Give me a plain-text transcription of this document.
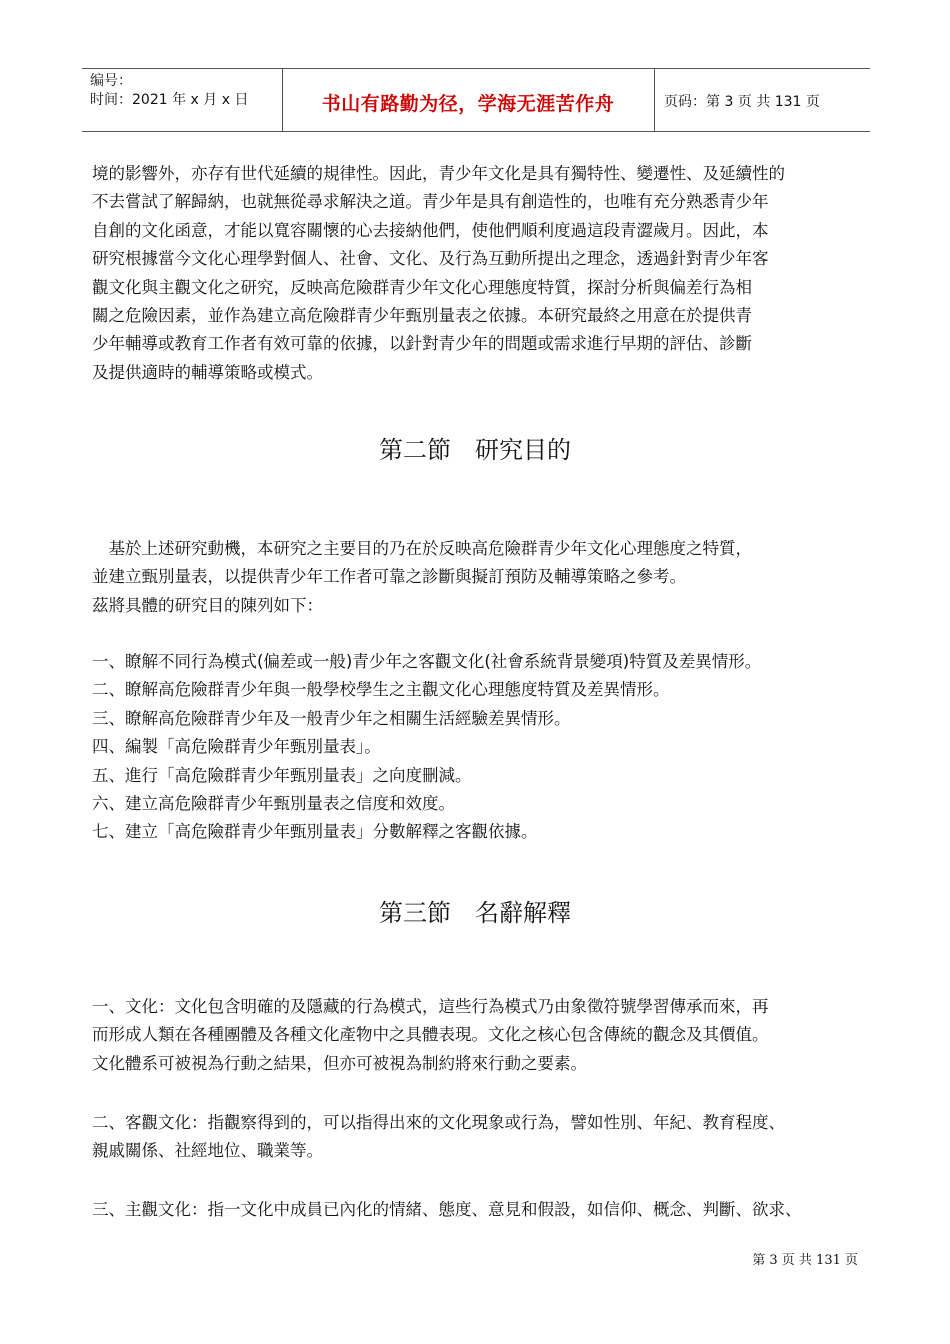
编号：
时间：2021 年 x 月 x 日	书山有路勤为径，学海无涯苦作舟	页码：第 3 页 共 131 页
境的影響外，亦存有世代延續的規律性。因此，青少年文化是具有獨特性、變遷性、及延續性的
不去嘗試了解歸納，也就無從尋求解決之道。青少年是具有創造性的，也唯有充分熟悉青少年
自創的文化函意，才能以寬容關懷的心去接納他們，使他們順利度過這段青澀歲月。因此，本
研究根據當今文化心理學對個人、社會、文化、及行為互動所提出之理念，透過針對青少年客
觀文化與主觀文化之研究，反映高危險群青少年文化心理態度特質，探討分析與偏差行為相
關之危險因素，並作為建立高危險群青少年甄別量表之依據。本研究最終之用意在於提供青
少年輔導或教育工作者有效可靠的依據，以針對青少年的問題或需求進行早期的評估、診斷
及提供適時的輔導策略或模式。
第二節　研究目的
　基於上述研究動機，本研究之主要目的乃在於反映高危險群青少年文化心理態度之特質，
並建立甄別量表，以提供青少年工作者可靠之診斷與擬訂預防及輔導策略之參考。
茲將具體的研究目的陳列如下：
一、瞭解不同行為模式(偏差或一般)青少年之客觀文化(社會系統背景變項)特質及差異情形。
二、瞭解高危險群青少年與一般學校學生之主觀文化心理態度特質及差異情形。
三、瞭解高危險群青少年及一般青少年之相關生活經驗差異情形。
四、編製「高危險群青少年甄別量表」。
五、進行「高危險群青少年甄別量表」之向度刪減。
六、建立高危險群青少年甄別量表之信度和效度。
七、建立「高危險群青少年甄別量表」分數解釋之客觀依據。
第三節　名辭解釋
一、文化：文化包含明確的及隱藏的行為模式，這些行為模式乃由象徵符號學習傳承而來，再
而形成人類在各種團體及各種文化產物中之具體表現。文化之核心包含傳統的觀念及其價值。
文化體系可被視為行動之結果，但亦可被視為制約將來行動之要素。
二、客觀文化：指觀察得到的，可以指得出來的文化現象或行為，譬如性別、年紀、教育程度、
親戚關係、社經地位、職業等。
三、主觀文化：指一文化中成員已內化的情緒、態度、意見和假設，如信仰、概念、判斷、欲求、
第 3 页 共 131 页
